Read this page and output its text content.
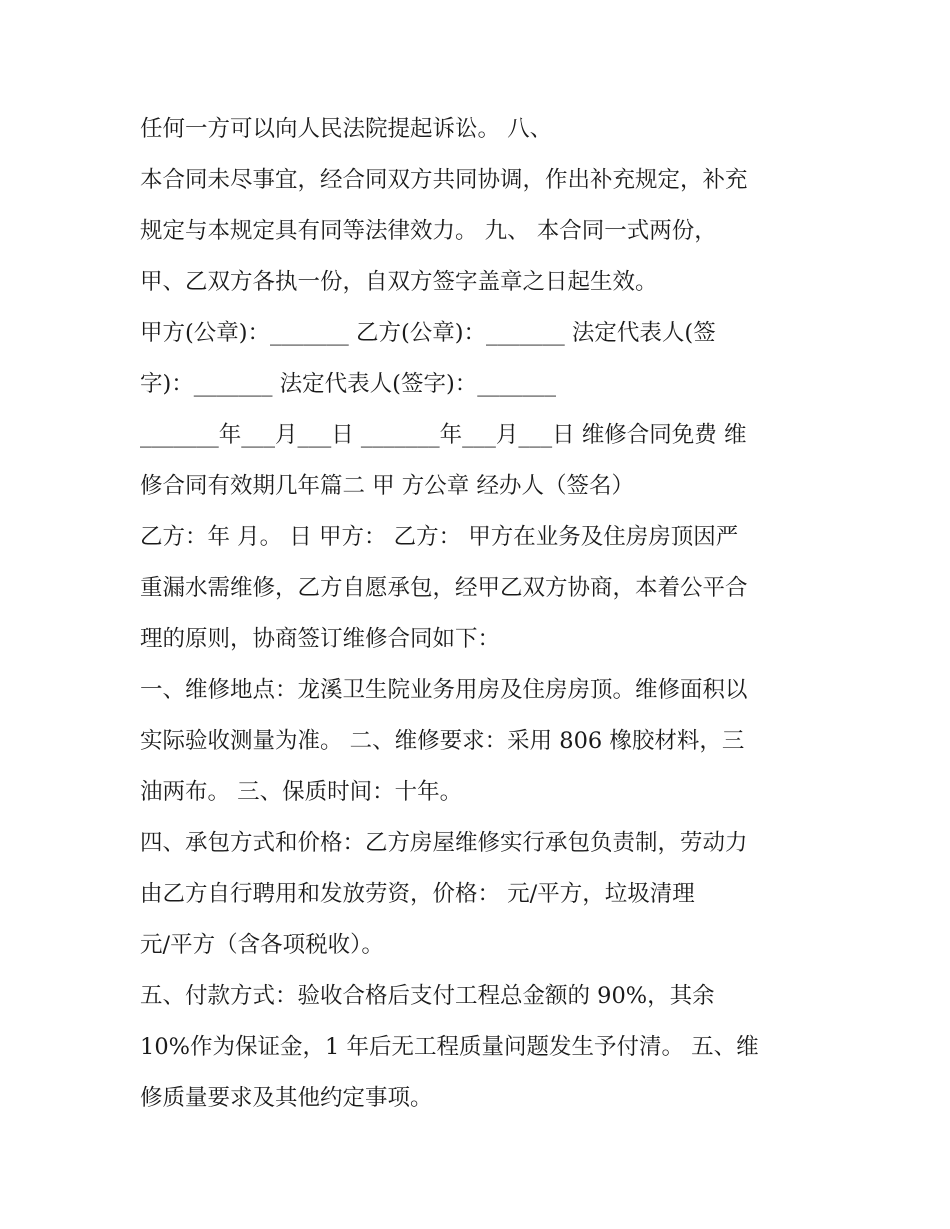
任何一方可以向人民法院提起诉讼。 八、
本合同未尽事宜，经合同双方共同协调，作出补充规定，补充
规定与本规定具有同等法律效力。 九、 本合同一式两份，
甲、乙双方各执一份，自双方签字盖章之日起生效。
甲方(公章)：_______ 乙方(公章)：_______ 法定代表人(签
字)：_______ 法定代表人(签字)：_______
_______年___月___日 _______年___月___日 维修合同免费 维
修合同有效期几年篇二 甲 方公章 经办人（签名）
乙方：年 月。 日 甲方： 乙方： 甲方在业务及住房房顶因严
重漏水需维修，乙方自愿承包，经甲乙双方协商，本着公平合
理的原则，协商签订维修合同如下：
一、维修地点：龙溪卫生院业务用房及住房房顶。维修面积以
实际验收测量为准。 二、维修要求：采用 806 橡胶材料，三
油两布。 三、保质时间：十年。
四、承包方式和价格：乙方房屋维修实行承包负责制，劳动力
由乙方自行聘用和发放劳资，价格： 元/平方，垃圾清理
元/平方（含各项税收）。
五、付款方式：验收合格后支付工程总金额的 90%，其余
10%作为保证金，1 年后无工程质量问题发生予付清。 五、维
修质量要求及其他约定事项。
